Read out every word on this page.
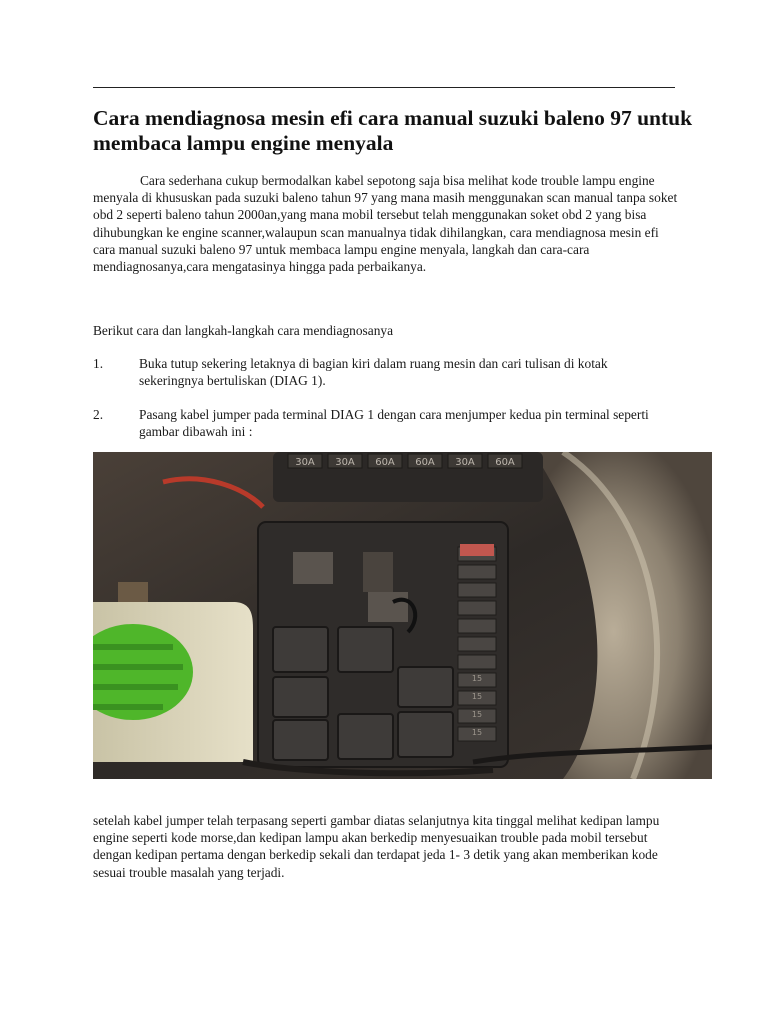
Cara mendiagnosa mesin efi cara manual suzuki baleno 97 untuk membaca lampu engine menyala

Cara sederhana cukup bermodalkan kabel sepotong saja bisa melihat kode trouble lampu engine menyala di khususkan pada suzuki baleno tahun 97 yang mana masih menggunakan scan manual tanpa soket obd 2 seperti baleno tahun 2000an,yang mana mobil tersebut telah menggunakan soket obd 2 yang bisa dihubungkan ke engine scanner,walaupun scan manualnya tidak dihilangkan, cara mendiagnosa mesin efi cara manual suzuki baleno 97 untuk membaca lampu engine menyala, langkah dan cara-cara mendiagnosanya,cara mengatasinya hingga pada perbaikanya.

Berikut cara dan langkah-langkah cara mendiagnosanya

1.	Buka tutup sekering letaknya di bagian kiri dalam ruang mesin dan cari tulisan di kotak sekeringnya bertuliskan (DIAG 1).
2.	Pasang kabel jumper pada terminal DIAG 1 dengan cara menjumper kedua pin terminal seperti gambar dibawah ini :
30A 30A 60A 60A 30A 60A
15
15
15
15

setelah kabel jumper telah terpasang seperti gambar diatas selanjutnya kita tinggal melihat kedipan lampu engine seperti kode morse,dan kedipan lampu akan berkedip menyesuaikan trouble pada mobil tersebut dengan kedipan pertama dengan berkedip sekali dan terdapat jeda 1- 3 detik yang akan memberikan kode sesuai trouble masalah yang terjadi.
